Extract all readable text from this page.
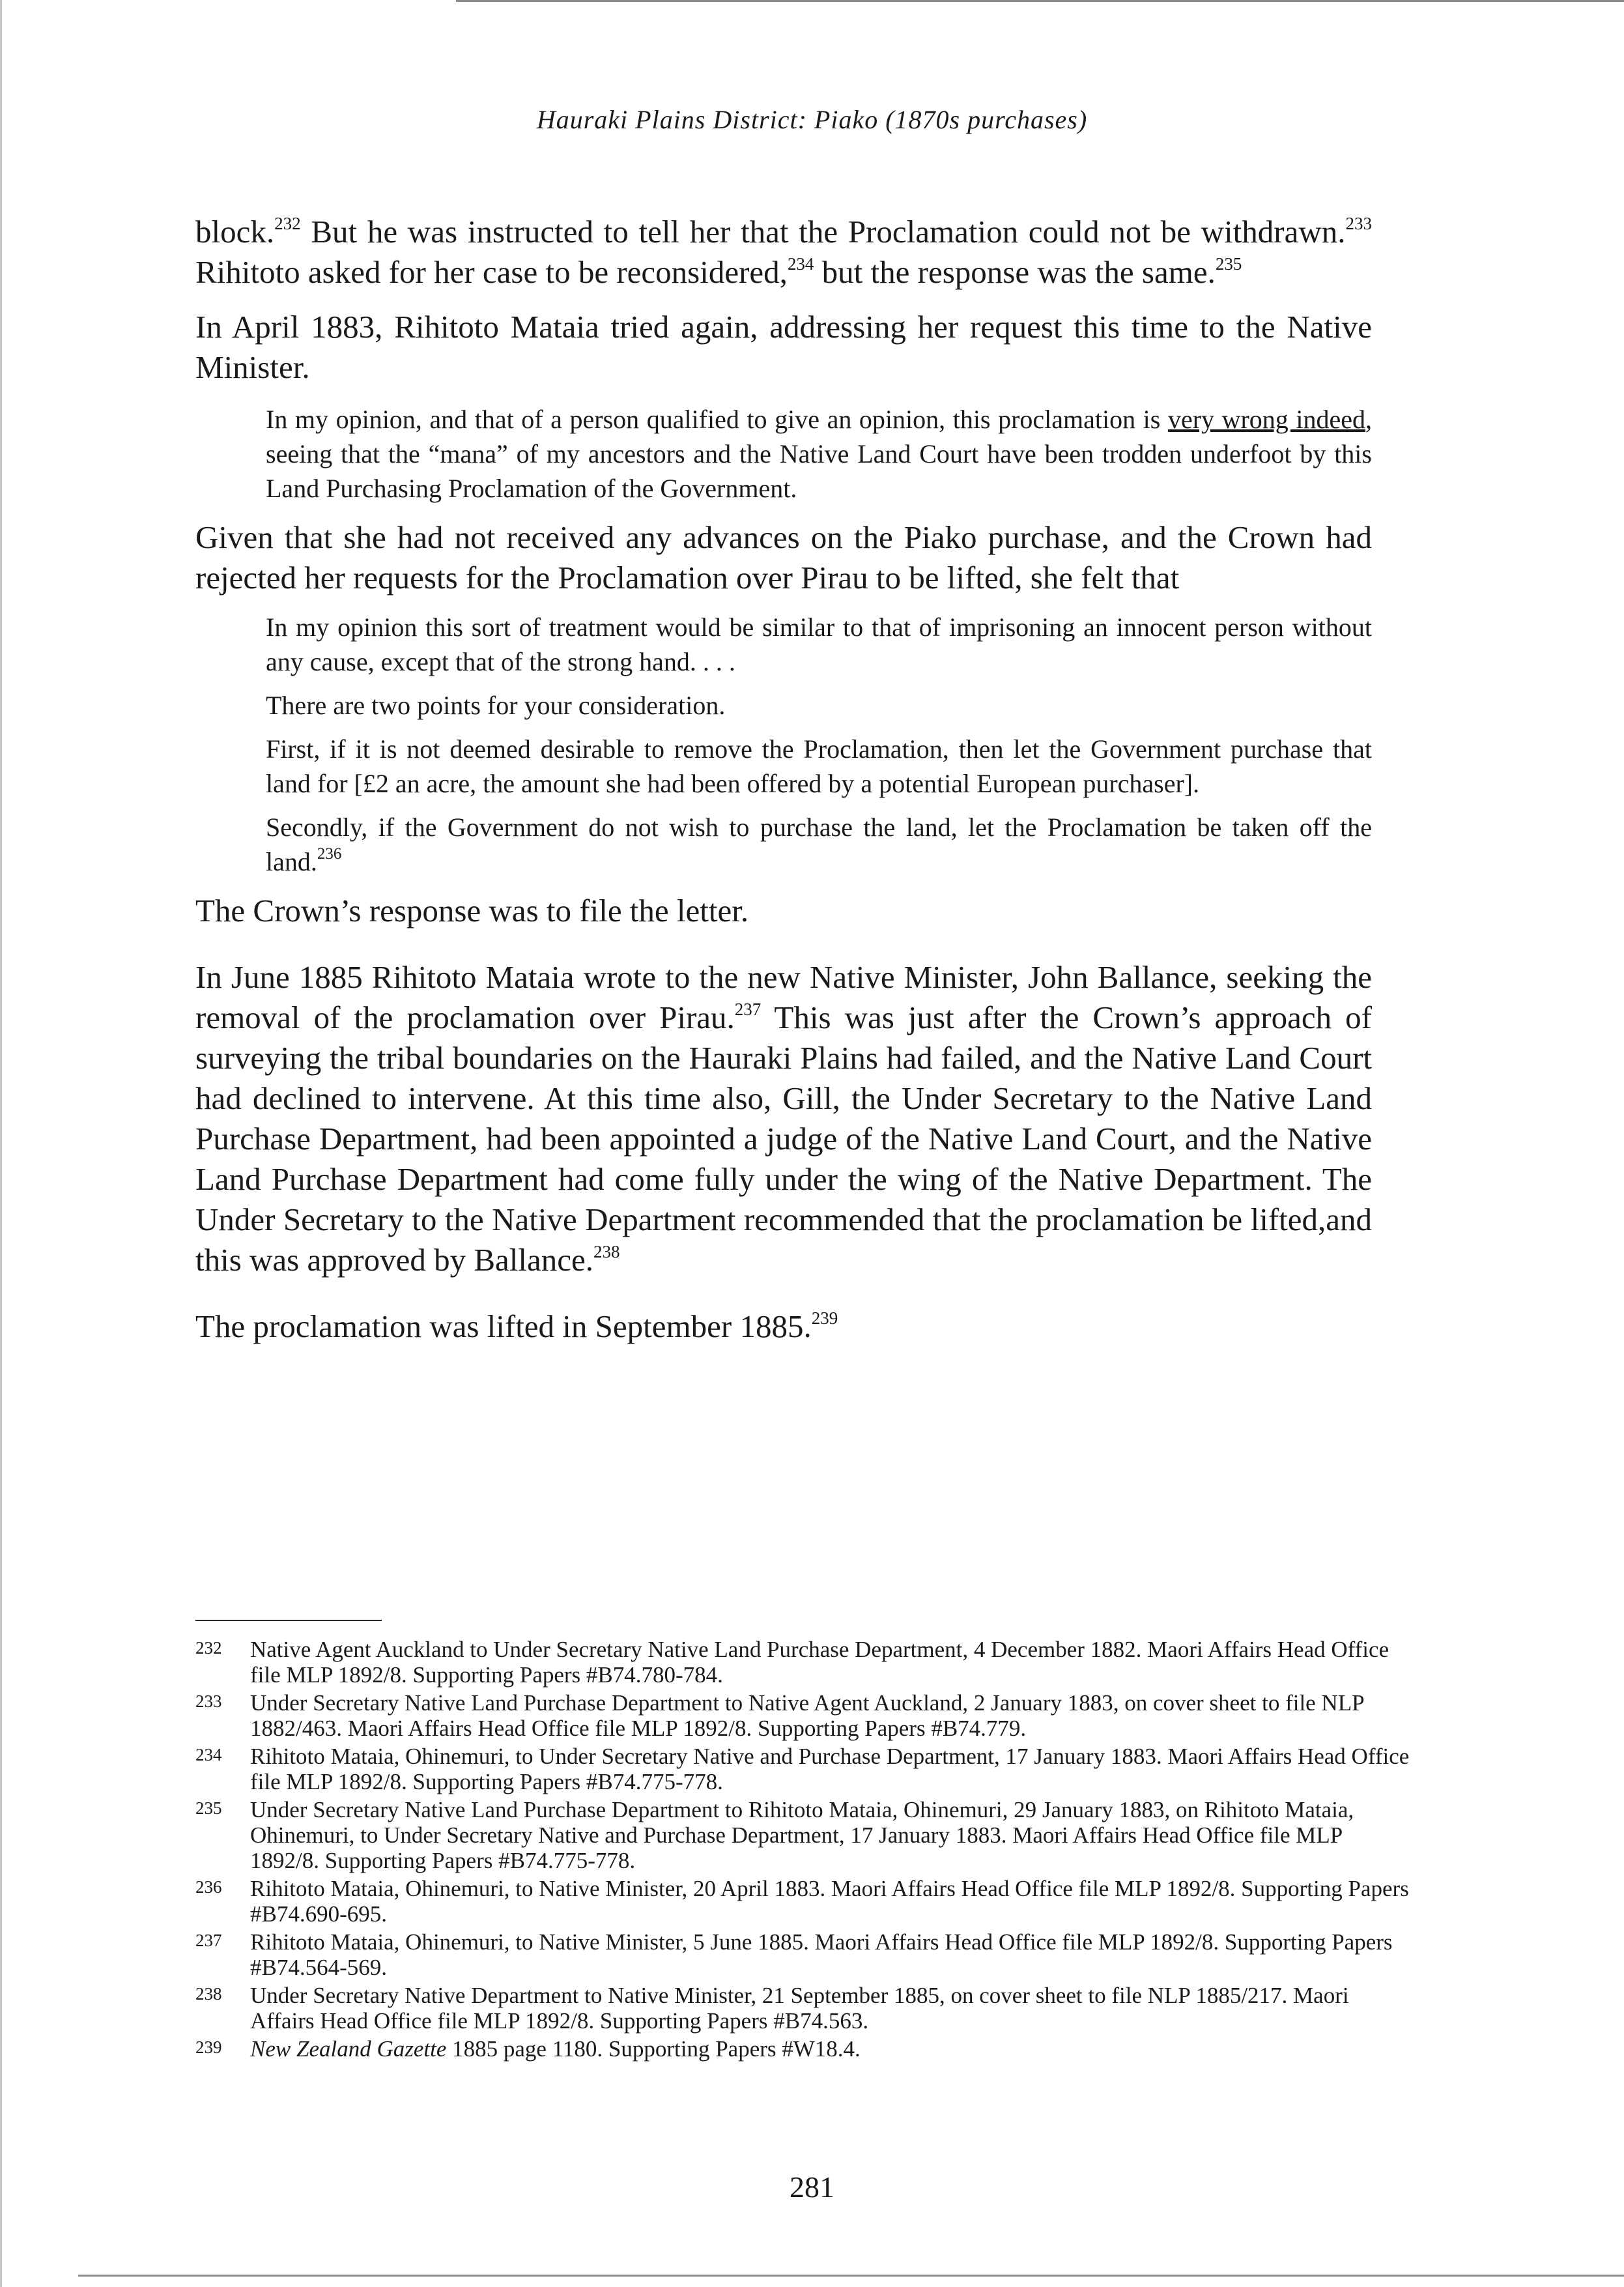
Hauraki Plains District: Piako (1870s purchases)

block.$^{232}$ But he was instructed to tell her that the Proclamation could not be withdrawn.$^{233}$ Rihitoto asked for her case to be reconsidered,$^{234}$ but the response was the same.$^{235}$

In April 1883, Rihitoto Mataia tried again, addressing her request this time to the Native Minister.

In my opinion, and that of a person qualified to give an opinion, this proclamation is very wrong indeed, seeing that the “mana” of my ancestors and the Native Land Court have been trodden underfoot by this Land Purchasing Proclamation of the Government.

Given that she had not received any advances on the Piako purchase, and the Crown had rejected her requests for the Proclamation over Pirau to be lifted, she felt that

In my opinion this sort of treatment would be similar to that of imprisoning an innocent person without any cause, except that of the strong hand. . . .

There are two points for your consideration.

First, if it is not deemed desirable to remove the Proclamation, then let the Government purchase that land for [£2 an acre, the amount she had been offered by a potential European purchaser].

Secondly, if the Government do not wish to purchase the land, let the Proclamation be taken off the land.$^{236}$

The Crown’s response was to file the letter.

In June 1885 Rihitoto Mataia wrote to the new Native Minister, John Ballance, seeking the removal of the proclamation over Pirau.$^{237}$ This was just after the Crown’s approach of surveying the tribal boundaries on the Hauraki Plains had failed, and the Native Land Court had declined to intervene. At this time also, Gill, the Under Secretary to the Native Land Purchase Department, had been appointed a judge of the Native Land Court, and the Native Land Purchase Department had come fully under the wing of the Native Department. The Under Secretary to the Native Department recommended that the proclamation be lifted,and this was approved by Ballance.$^{238}$

The proclamation was lifted in September 1885.$^{239}$

232	Native Agent Auckland to Under Secretary Native Land Purchase Department, 4 December 1882. Maori Affairs Head Office file MLP 1892/8. Supporting Papers #B74.780-784.
233	Under Secretary Native Land Purchase Department to Native Agent Auckland, 2 January 1883, on cover sheet to file NLP 1882/463. Maori Affairs Head Office file MLP 1892/8. Supporting Papers #B74.779.
234	Rihitoto Mataia, Ohinemuri, to Under Secretary Native and Purchase Department, 17 January 1883. Maori Affairs Head Office file MLP 1892/8. Supporting Papers #B74.775-778.
235	Under Secretary Native Land Purchase Department to Rihitoto Mataia, Ohinemuri, 29 January 1883, on Rihitoto Mataia, Ohinemuri, to Under Secretary Native and Purchase Department, 17 January 1883. Maori Affairs Head Office file MLP 1892/8. Supporting Papers #B74.775-778.
236	Rihitoto Mataia, Ohinemuri, to Native Minister, 20 April 1883. Maori Affairs Head Office file MLP 1892/8. Supporting Papers #B74.690-695.
237	Rihitoto Mataia, Ohinemuri, to Native Minister, 5 June 1885. Maori Affairs Head Office file MLP 1892/8. Supporting Papers #B74.564-569.
238	Under Secretary Native Department to Native Minister, 21 September 1885, on cover sheet to file NLP 1885/217. Maori Affairs Head Office file MLP 1892/8. Supporting Papers #B74.563.
239	New Zealand Gazette 1885 page 1180. Supporting Papers #W18.4.
281
